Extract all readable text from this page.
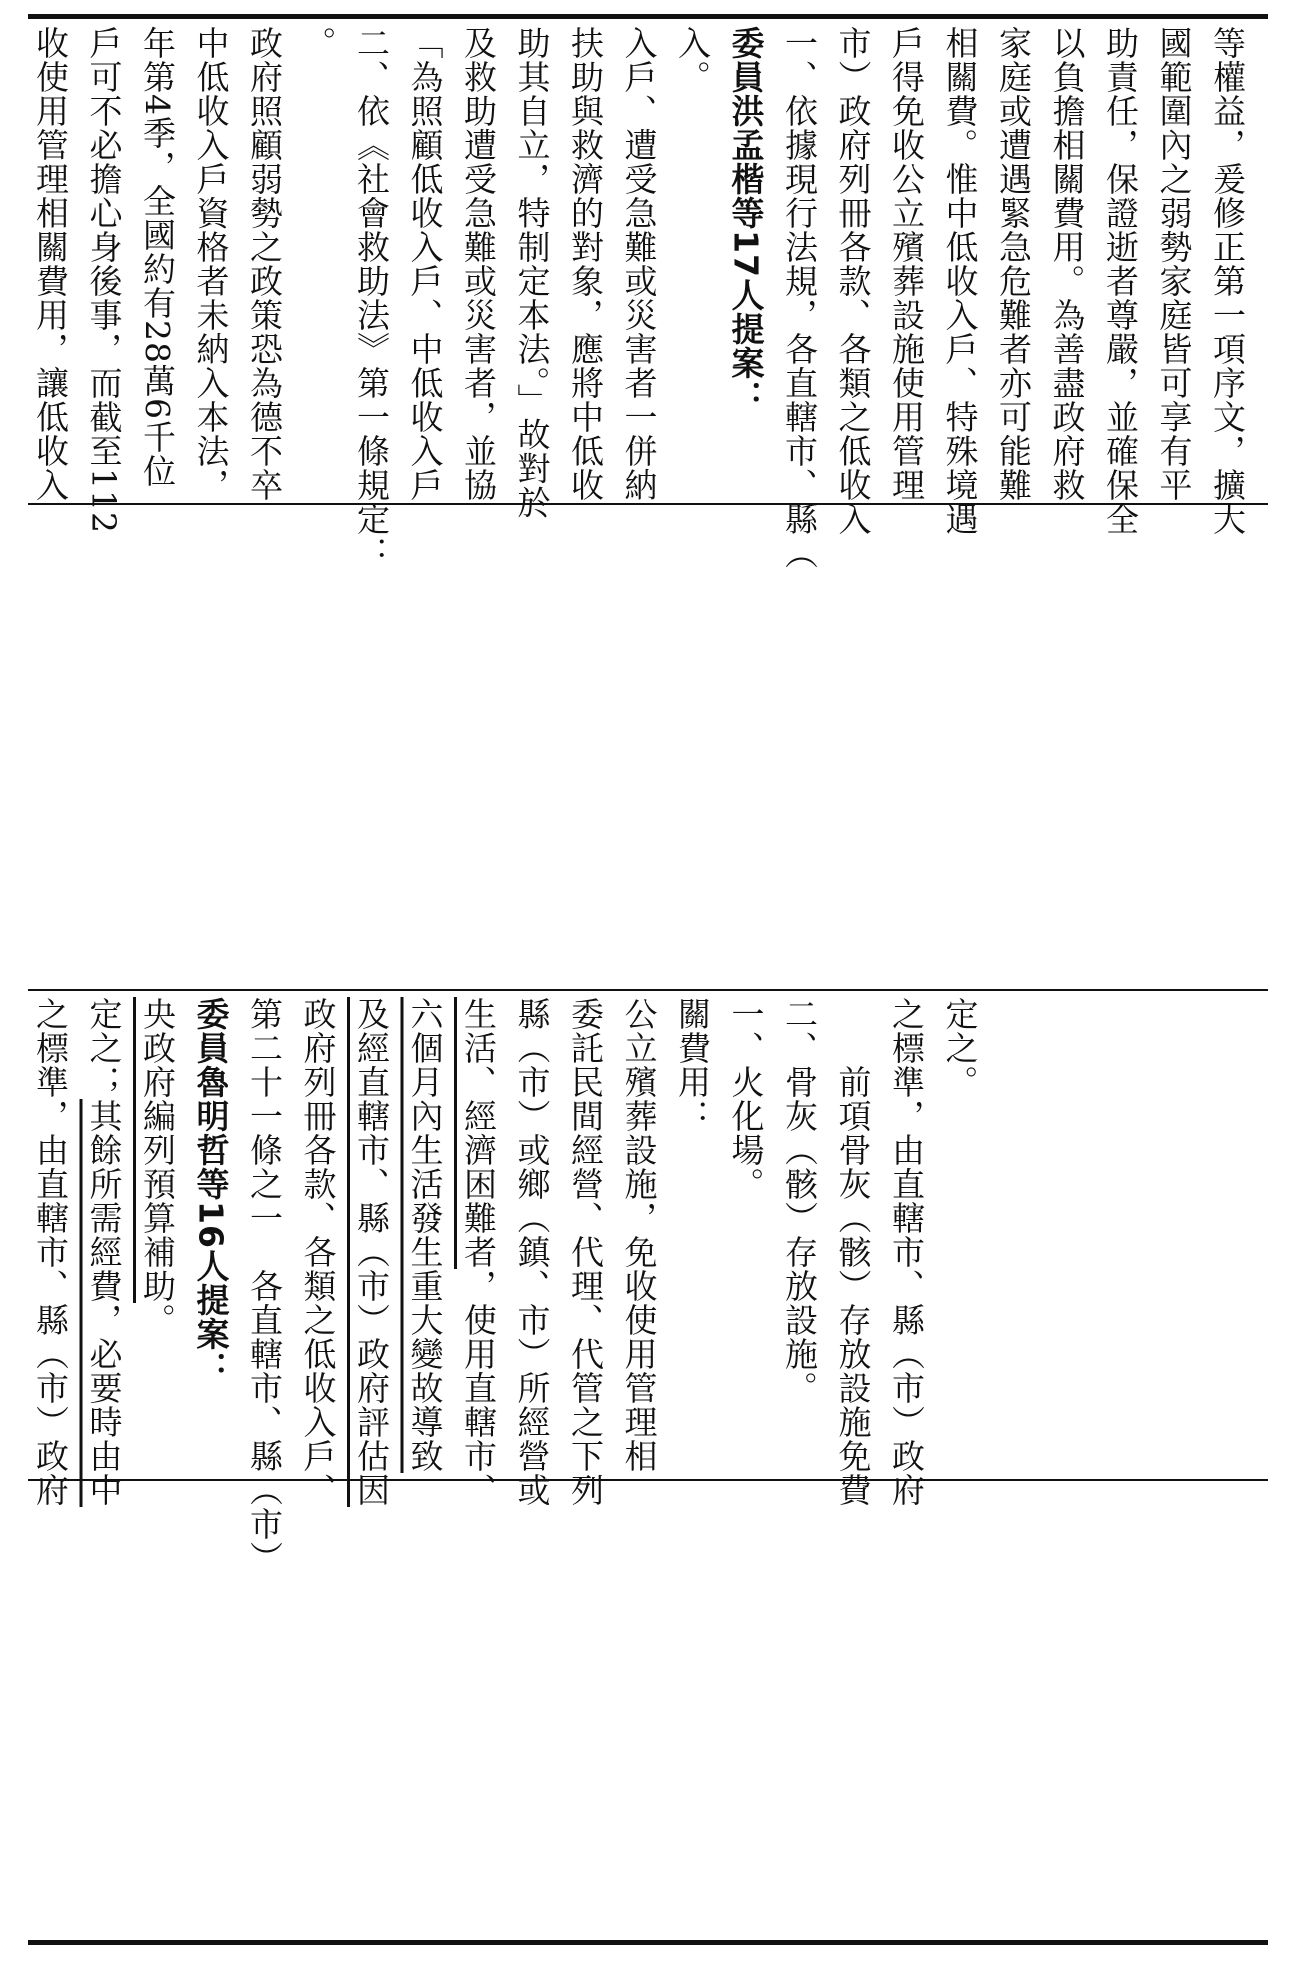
收使用管理相關費用，讓低收入 戶可不必擔心身後事，而截至112 年第4季，全國約有28萬6千位 中低收入戶資格者未納入本法， 政府照顧弱勢之政策恐為德不卒 。 二、依《社會救助法》第一條規定： 「為照顧低收入戶、中低收入戶 及救助遭受急難或災害者，並協 助其自立，特制定本法。」故對於 扶助與救濟的對象，應將中低收 入戶、遭受急難或災害者一併納 入。 委員洪孟楷等17人提案： 一、依據現行法規，各直轄市、縣（ 市）政府列冊各款、各類之低收入 戶得免收公立殯葬設施使用管理 相關費。惟中低收入戶、特殊境遇 家庭或遭遇緊急危難者亦可能難 以負擔相關費用。為善盡政府救 助責任，保證逝者尊嚴，並確保全 國範圍內之弱勢家庭皆可享有平 等權益，爰修正第一項序文，擴大
之標準，由直轄市、縣（市）政府 定之；其餘所需經費，必要時由中 央政府編列預算補助。 委員魯明哲等16人提案： 第二十一條之一　各直轄市、縣（市） 政府列冊各款、各類之低收入戶、 及經直轄市、縣（市）政府評估因 六個月內生活發生重大變故導致 生活、經濟困難者，使用直轄市、 縣（市）或鄉（鎮、市）所經營或 委託民間經營、代理、代管之下列 公立殯葬設施，免收使用管理相 關費用： 一、火化場。 二、骨灰（骸）存放設施。 　　前項骨灰（骸）存放設施免費 之標準，由直轄市、縣（市）政府 定之。
